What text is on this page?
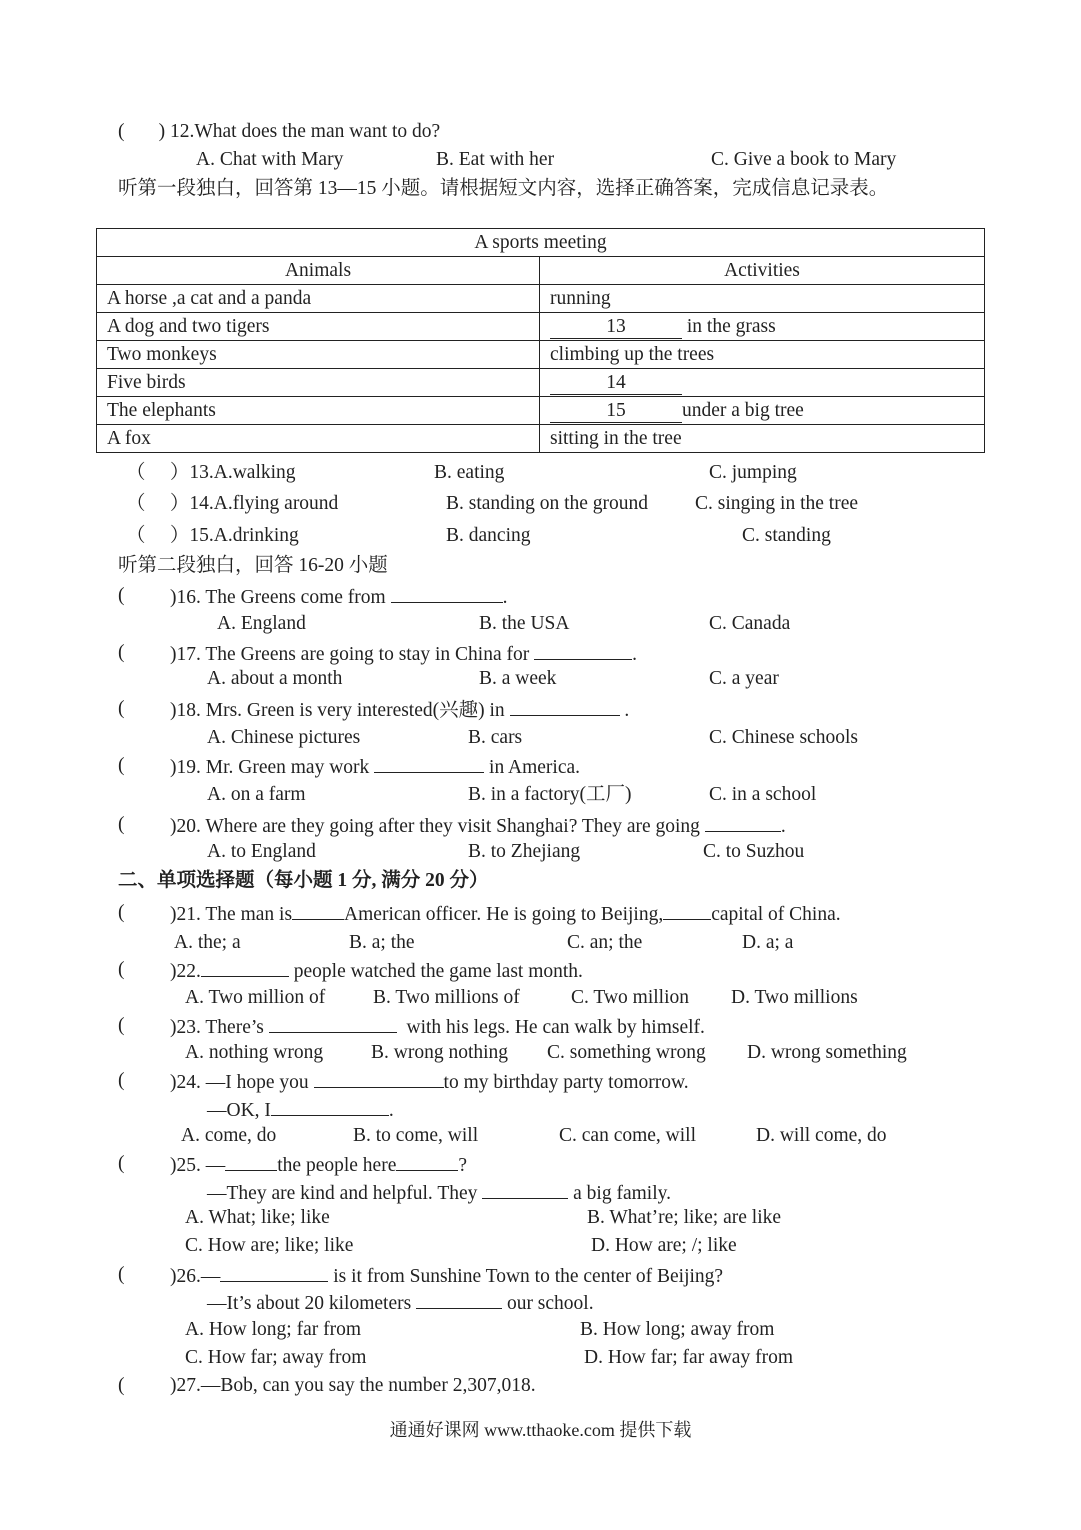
(       ) 12.What does the man want to do?
A. Chat with Mary	B. Eat with her	C. Give a book to Mary
听第一段独白，回答第 13—15 小题。请根据短文内容，选择正确答案，完成信息记录表。
A sports meeting	
Animals	Activities
A horse ,a cat and a panda	running
A dog and two tigers	13 in the grass
Two monkeys	climbing up the trees
Five birds	14
The elephants	15 under a big tree
A fox	sitting in the tree
（     ）13.A.walking	B. eating	C. jumping
（     ）14.A.flying around	B. standing on the ground C. singing in the tree
（     ）15.A.drinking	B. dancing	C. standing
听第二段独白，回答 16-20 小题
( )16. The Greens come from	.
A. England	B. the USA	C. Canada
( )17. The Greens are going to stay in China for	.
A. about a month	B. a week	C. a year
( )18. Mrs. Green is very interested(兴趣) in	.
A. Chinese pictures	B. cars	C. Chinese schools
( )19. Mr. Green may work	in America.
A. on a farm	B. in a factory(工厂)	C. in a school
( )20. Where are they going after they visit Shanghai? They are going	.
A. to England	B. to Zhejiang	C. to Suzhou
二、单项选择题（每小题 1 分, 满分 20 分）
( )21. The man is	American officer. He is going to Beijing, capital of China.
A. the; a	B. a; the	C. an; the	D. a; a
( )22.	people watched the game last month.
A. Two million of B. Two millions of	C. Two million D. Two millions
( )23. There’s	with his legs. He can walk by himself.
A. nothing wrong B. wrong nothing C. something wrong D. wrong something
( )24. —I hope you	to my birthday party tomorrow.
—OK, I	.
A. come, do	B. to come, will	C. can come, will	D. will come, do
( )25. —	the people here	?
—They are kind and helpful. They	a big family.
A. What; like; like	B. What’re; like; are like
C. How are; like; like	D. How are; /; like
( )26.—	is it from Sunshine Town to the center of Beijing?
—It’s about 20 kilometers	our school.
A. How long; far from	B. How long; away from
C. How far; away from	D. How far; far away from
( )27.—Bob, can you say the number 2,307,018.
通通好课网 www.tthaoke.com 提供下载
